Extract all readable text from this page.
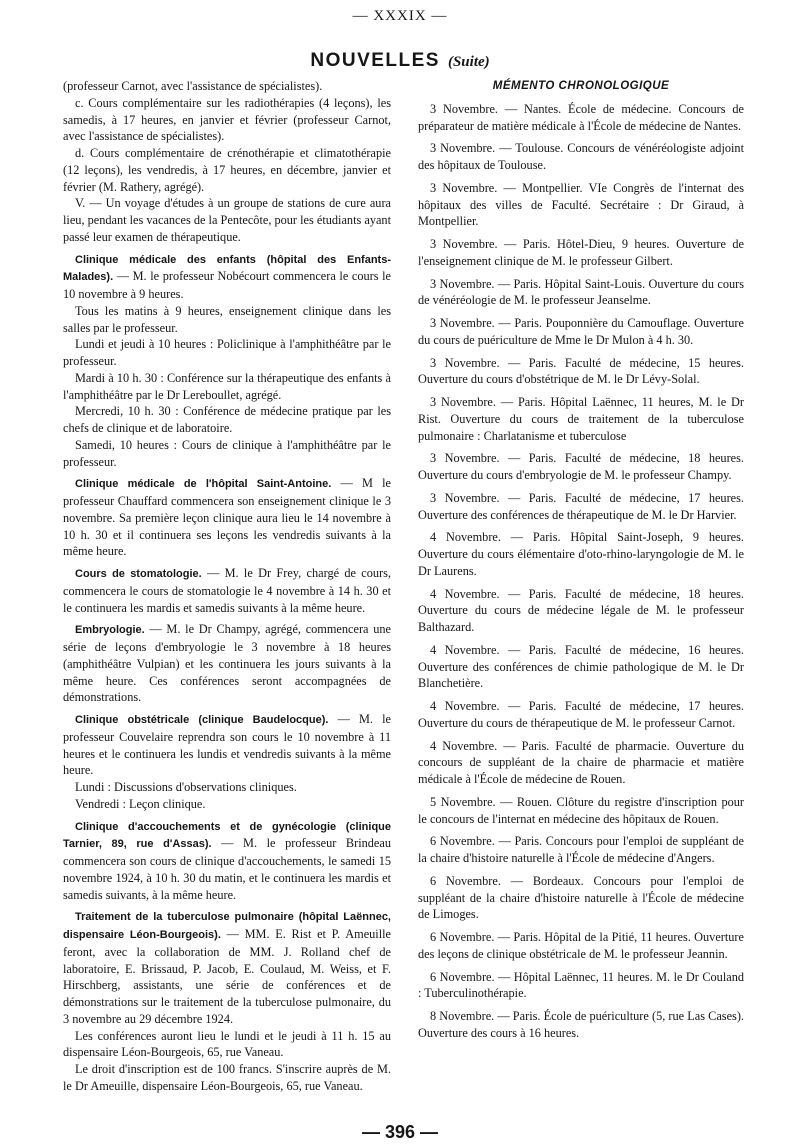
— XXXIX —
NOUVELLES (Suite)

(professeur Carnot, avec l'assistance de spécialistes).

c. Cours complémentaire sur les radiothérapies (4 leçons), les samedis, à 17 heures, en janvier et février (professeur Carnot, avec l'assistance de spécialistes).

d. Cours complémentaire de crénothérapie et climatothérapie (12 leçons), les vendredis, à 17 heures, en décembre, janvier et février (M. Rathery, agrégé).

V. — Un voyage d'études à un groupe de stations de cure aura lieu, pendant les vacances de la Pentecôte, pour les étudiants ayant passé leur examen de thérapeutique.

Clinique médicale des enfants (hôpital des Enfants-Malades). — M. le professeur Nobécourt commencera le cours le 10 novembre à 9 heures.

Tous les matins à 9 heures, enseignement clinique dans les salles par le professeur.

Lundi et jeudi à 10 heures : Policlinique à l'amphithéâtre par le professeur.

Mardi à 10 h. 30 : Conférence sur la thérapeutique des enfants à l'amphithéâtre par le Dr Lereboullet, agrégé.

Mercredi, 10 h. 30 : Conférence de médecine pratique par les chefs de clinique et de laboratoire.

Samedi, 10 heures : Cours de clinique à l'amphithéâtre par le professeur.

Clinique médicale de l'hôpital Saint-Antoine. — M le professeur Chauffard commencera son enseignement clinique le 3 novembre. Sa première leçon clinique aura lieu le 14 novembre à 10 h. 30 et il continuera ses leçons les vendredis suivants à la même heure.

Cours de stomatologie. — M. le Dr Frey, chargé de cours, commencera le cours de stomatologie le 4 novembre à 14 h. 30 et le continuera les mardis et samedis suivants à la même heure.

Embryologie. — M. le Dr Champy, agrégé, commencera une série de leçons d'embryologie le 3 novembre à 18 heures (amphithéâtre Vulpian) et les continuera les jours suivants à la même heure. Ces conférences seront accompagnées de démonstrations.

Clinique obstétricale (clinique Baudelocque). — M. le professeur Couvelaire reprendra son cours le 10 novembre à 11 heures et le continuera les lundis et vendredis suivants à la même heure.

Lundi : Discussions d'observations cliniques.

Vendredi : Leçon clinique.

Clinique d'accouchements et de gynécologie (clinique Tarnier, 89, rue d'Assas). — M. le professeur Brindeau commencera son cours de clinique d'accouchements, le samedi 15 novembre 1924, à 10 h. 30 du matin, et le continuera les mardis et samedis suivants, à la même heure.

Traitement de la tuberculose pulmonaire (hôpital Laënnec, dispensaire Léon-Bourgeois). — MM. E. Rist et P. Ameuille feront, avec la collaboration de MM. J. Rolland chef de laboratoire, E. Brissaud, P. Jacob, E. Coulaud, M. Weiss, et F. Hirschberg, assistants, une série de conférences et de démonstrations sur le traitement de la tuberculose pulmonaire, du 3 novembre au 29 décembre 1924.

Les conférences auront lieu le lundi et le jeudi à 11 h. 15 au dispensaire Léon-Bourgeois, 65, rue Vaneau.

Le droit d'inscription est de 100 francs. S'inscrire auprès de M. le Dr Ameuille, dispensaire Léon-Bourgeois, 65, rue Vaneau.

MÉMENTO CHRONOLOGIQUE

3 Novembre. — Nantes. École de médecine. Concours de préparateur de matière médicale à l'École de médecine de Nantes.

3 Novembre. — Toulouse. Concours de vénéréologiste adjoint des hôpitaux de Toulouse.

3 Novembre. — Montpellier. VIe Congrès de l'internat des hôpitaux des villes de Faculté. Secrétaire : Dr Giraud, à Montpellier.

3 Novembre. — Paris. Hôtel-Dieu, 9 heures. Ouverture de l'enseignement clinique de M. le professeur Gilbert.

3 Novembre. — Paris. Hôpital Saint-Louis. Ouverture du cours de vénéréologie de M. le professeur Jeanselme.

3 Novembre. — Paris. Pouponnière du Camouflage. Ouverture du cours de puériculture de Mme le Dr Mulon à 4 h. 30.

3 Novembre. — Paris. Faculté de médecine, 15 heures. Ouverture du cours d'obstétrique de M. le Dr Lévy-Solal.

3 Novembre. — Paris. Hôpital Laënnec, 11 heures, M. le Dr Rist. Ouverture du cours de traitement de la tuberculose pulmonaire : Charlatanisme et tuberculose

3 Novembre. — Paris. Faculté de médecine, 18 heures. Ouverture du cours d'embryologie de M. le professeur Champy.

3 Novembre. — Paris. Faculté de médecine, 17 heures. Ouverture des conférences de thérapeutique de M. le Dr Harvier.

4 Novembre. — Paris. Hôpital Saint-Joseph, 9 heures. Ouverture du cours élémentaire d'oto-rhino-laryngologie de M. le Dr Laurens.

4 Novembre. — Paris. Faculté de médecine, 18 heures. Ouverture du cours de médecine légale de M. le professeur Balthazard.

4 Novembre. — Paris. Faculté de médecine, 16 heures. Ouverture des conférences de chimie pathologique de M. le Dr Blanchetière.

4 Novembre. — Paris. Faculté de médecine, 17 heures. Ouverture du cours de thérapeutique de M. le professeur Carnot.

4 Novembre. — Paris. Faculté de pharmacie. Ouverture du concours de suppléant de la chaire de pharmacie et matière médicale à l'École de médecine de Rouen.

5 Novembre. — Rouen. Clôture du registre d'inscription pour le concours de l'internat en médecine des hôpitaux de Rouen.

6 Novembre. — Paris. Concours pour l'emploi de suppléant de la chaire d'histoire naturelle à l'École de médecine d'Angers.

6 Novembre. — Bordeaux. Concours pour l'emploi de suppléant de la chaire d'histoire naturelle à l'École de médecine de Limoges.

6 Novembre. — Paris. Hôpital de la Pitié, 11 heures. Ouverture des leçons de clinique obstétricale de M. le professeur Jeannin.

6 Novembre. — Hôpital Laënnec, 11 heures. M. le Dr Couland : Tuberculinothérapie.

8 Novembre. — Paris. École de puériculture (5, rue Las Cases). Ouverture des cours à 16 heures.

— 396 —
